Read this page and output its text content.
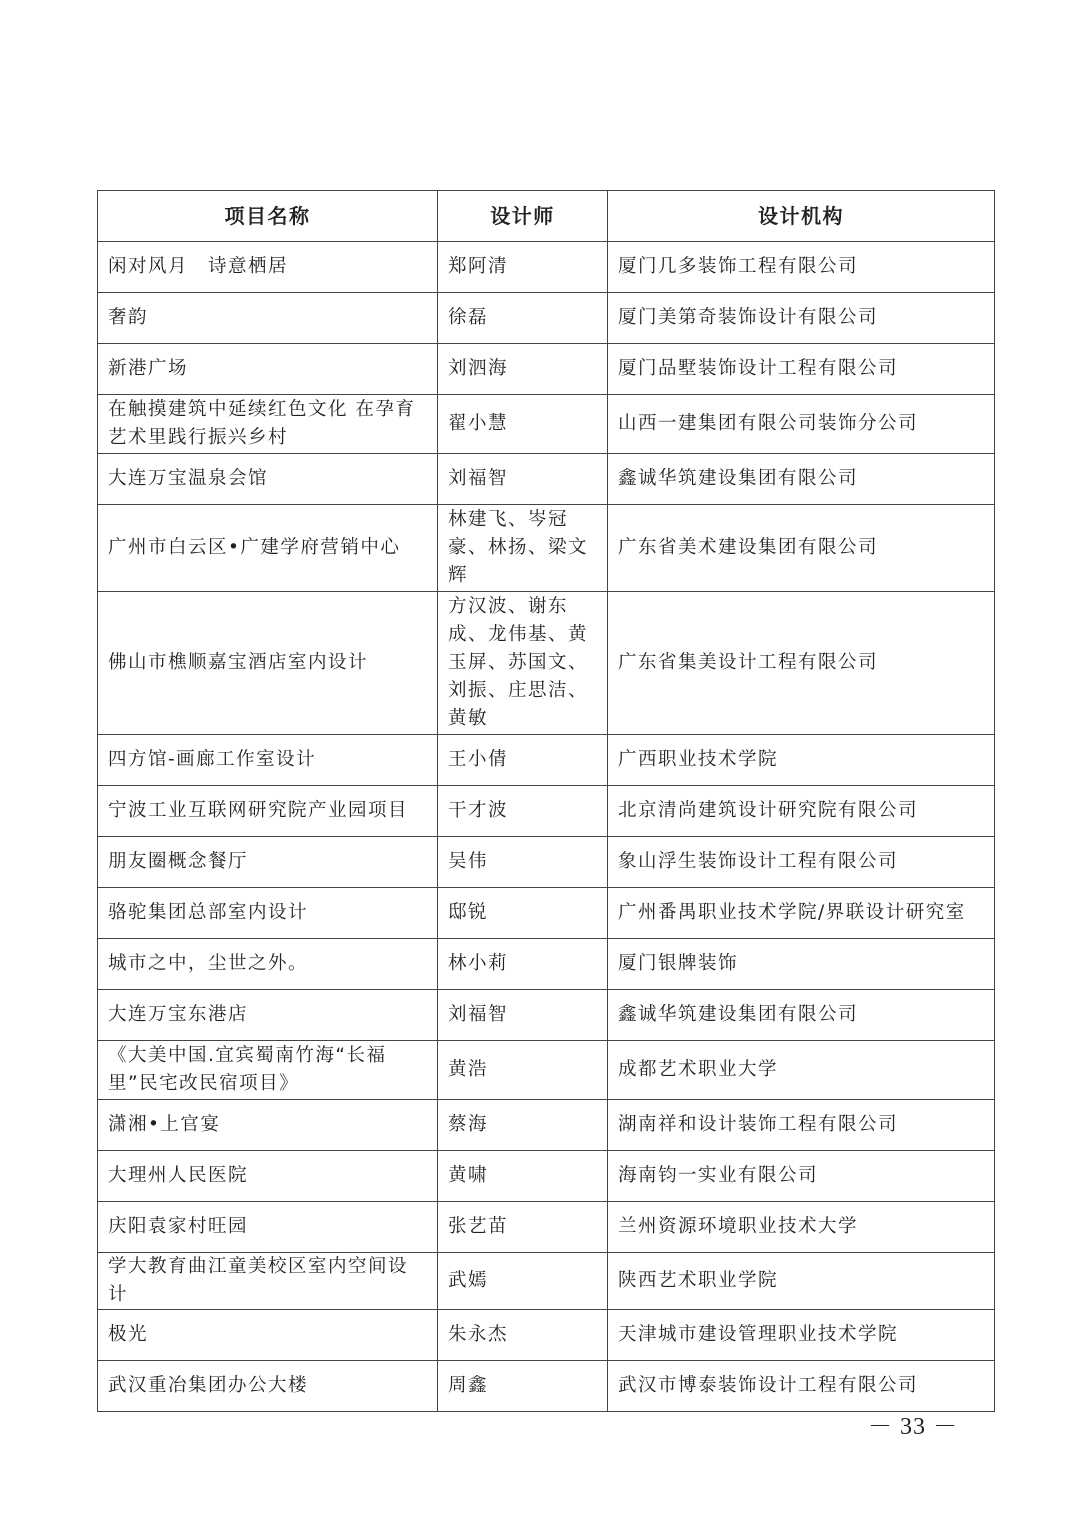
项目名称	设计师	设计机构
闲对风月　诗意栖居	郑阿清	厦门几多装饰工程有限公司
奢韵	徐磊	厦门美第奇装饰设计有限公司
新港广场	刘泗海	厦门品墅装饰设计工程有限公司
在触摸建筑中延续红色文化 在孕育艺术里践行振兴乡村	翟小慧	山西一建集团有限公司装饰分公司
大连万宝温泉会馆	刘福智	鑫诚华筑建设集团有限公司
广州市白云区•广建学府营销中心	林建飞、岑冠豪、林扬、梁文辉	广东省美术建设集团有限公司
佛山市樵顺嘉宝酒店室内设计	方汉波、谢东成、龙伟基、黄玉屏、苏国文、刘振、庄思洁、黄敏	广东省集美设计工程有限公司
四方馆-画廊工作室设计	王小倩	广西职业技术学院
宁波工业互联网研究院产业园项目	干才波	北京清尚建筑设计研究院有限公司
朋友圈概念餐厅	吴伟	象山浮生装饰设计工程有限公司
骆驼集团总部室内设计	邸锐	广州番禺职业技术学院/界联设计研究室
城市之中，尘世之外。	林小莉	厦门银牌装饰
大连万宝东港店	刘福智	鑫诚华筑建设集团有限公司
《大美中国.宜宾蜀南竹海“长福里”民宅改民宿项目》	黄浩	成都艺术职业大学
潇湘•上官宴	蔡海	湖南祥和设计装饰工程有限公司
大理州人民医院	黄啸	海南钧一实业有限公司
庆阳袁家村旺园	张艺苗	兰州资源环境职业技术大学
学大教育曲江童美校区室内空间设计	武嫣	陕西艺术职业学院
极光	朱永杰	天津城市建设管理职业技术学院
武汉重冶集团办公大楼	周鑫	武汉市博泰装饰设计工程有限公司
－ 33 －
